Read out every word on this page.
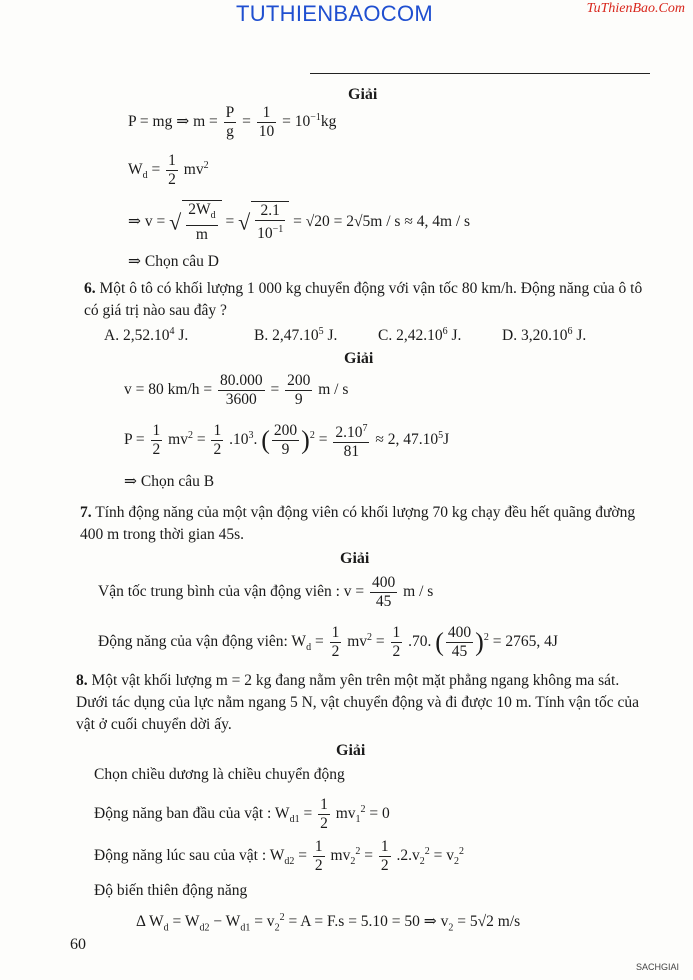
TUTHIENBAOCOM	TuThienBao.Com
Giải
P = mg ⇒ $m = \frac{P}{g} = \frac{1}{10} = 10^{-1}kg$
$W_d = \frac{1}{2} mv^2$
⇒ v = √ $\frac{2W_d}{m}$ = √ $\frac{2.1}{10^{-1}} = √20 = 2√5m / s \approx 4$, 4m / s
⇒ Chọn câu D
6. Một ô tô có khối lượng 1 000 kg chuyển động với vận tốc 80 km/h. Động năng của ô tô có giá trị nào sau đây ?
A. 2,52.10$^4$ J.	B. 2,47.10$^5$ J.	C. 2,42.10$^6$ J.	D. 3,20.10$^6$ J.
Giải
v = 80 $km/h = \frac{80.000}{3600} = \frac{200}{9}$ m / s
$P = \frac{1}{2} mv^2 = \frac{1}{2} .10^3$. ( $\frac{200}{9} )^2 = \frac{2.10^7}{81} \approx 2$, 47.10$^5$J
⇒ Chọn câu B
7. Tính động năng của một vận động viên có khối lượng 70 kg chạy đều hết quãng đường 400 m trong thời gian 45s.
Giải
Vận tốc trung bình của vận động viên : $v = \frac{400}{45}$ m / s
Động năng của vận động viên: $W_d = \frac{1}{2} mv^2 = \frac{1}{2} .70$. ( $\frac{400}{45} )^2 = 2765$, 4J
8. Một vật khối lượng m = 2 kg đang nằm yên trên một mặt phẳng ngang không ma sát. Dưới tác dụng của lực nằm ngang 5 N, vật chuyển động và đi được 10 m. Tính vận tốc của vật ở cuối chuyển dời ấy.
Giải
Chọn chiều dương là chiều chuyển động
Động năng ban đầu của vật : $W_{d1} = \frac{1}{2} mv_1^2 = 0$
Động năng lúc sau của vật : $W_{d2} = \frac{1}{2} mv_2^2 = \frac{1}{2} .2.v_2^2 = v_2^2$
Độ biến thiên động năng
Δ $W_d = W_{d2} - W_{d1} = v_2^2 = A = F.s = 5.10 = 50$ ⇒ $v_2 = 5√2$ m/s
60
SACHGIAI
